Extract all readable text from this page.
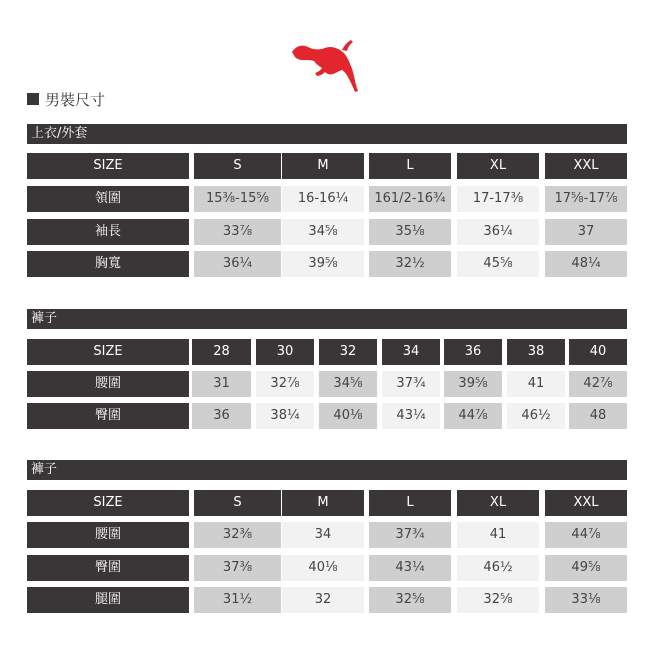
男裝尺寸
上衣/外套
褲子
褲子
SIZE	S	M	L	XL	XXL
領圍	15⅜-15⅝	16-16¼	161/2-16¾	17-17⅜	17⅝-17⅞
袖長	33⅞	34⅝	35⅛	36¼	37
胸寬	36¼	39⅝	32½	45⅝	48¼
SIZE	28	30	32	34	36	38	40
腰圍	31	32⅞	34⅝	37¾	39⅝	41	42⅞
臀圍	36	38¼	40⅛	43¼	44⅞	46½	48
SIZE	S	M	L	XL	XXL
腰圍	32⅜	34	37¾	41	44⅞
臀圍	37⅜	40⅛	43¼	46½	49⅝
腿圍	31½	32	32⅝	32⅝	33⅛
